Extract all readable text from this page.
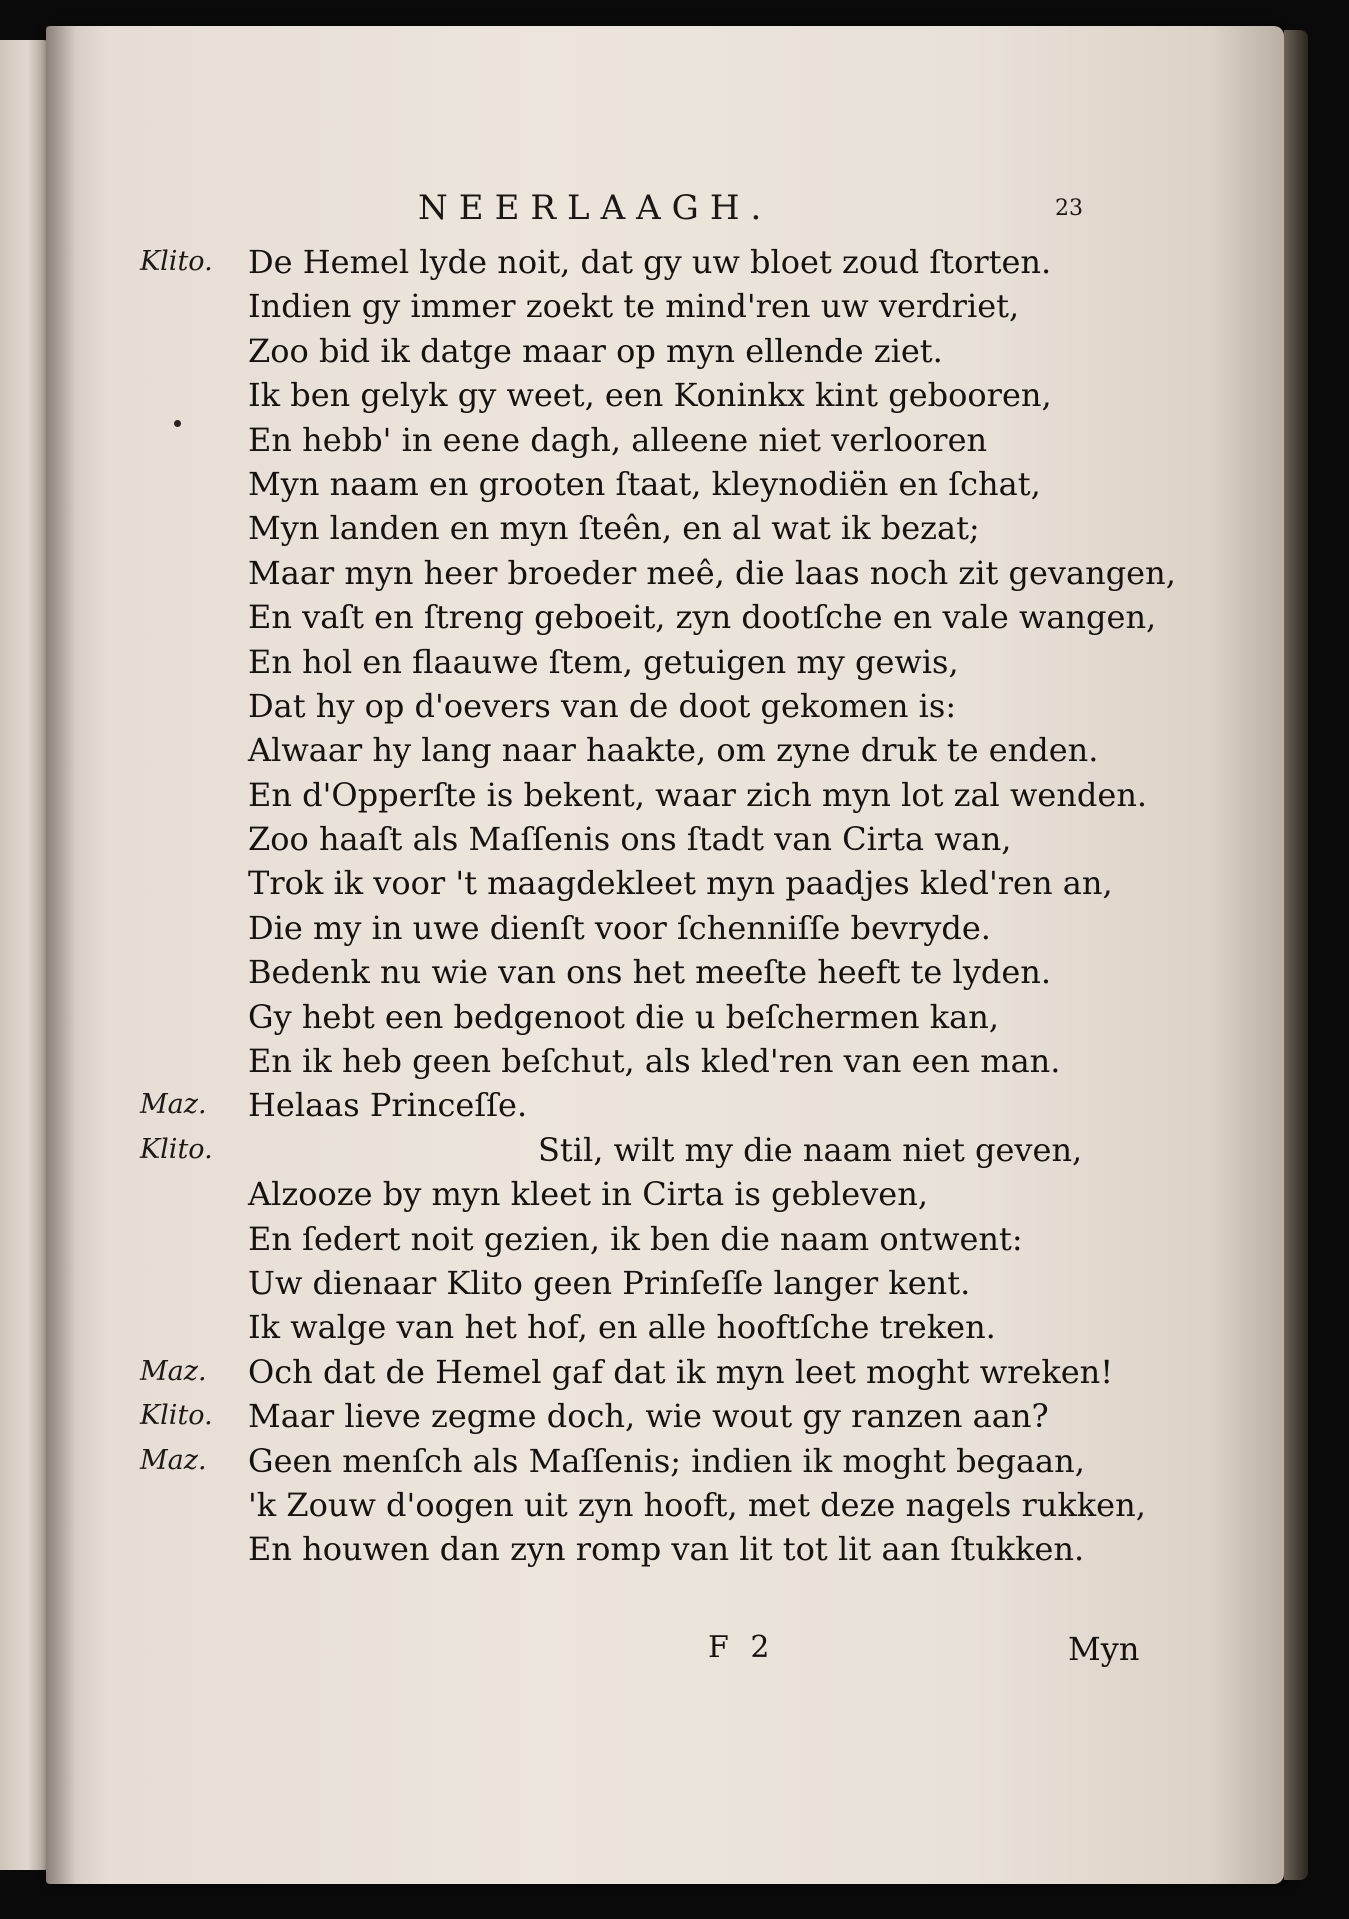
NEERLAAGH.	23
Klito. De Hemel lyde noit, dat gy uw bloet zoud ſtorten.
Indien gy immer zoekt te mind'ren uw verdriet,
Zoo bid ik datge maar op myn ellende ziet.
Ik ben gelyk gy weet, een Koninkx kint gebooren,
En hebb' in eene dagh, alleene niet verlooren
Myn naam en grooten ſtaat, kleynodiën en ſchat,
Myn landen en myn ſteên, en al wat ik bezat;
Maar myn heer broeder meê, die laas noch zit gevangen,
En vaſt en ſtreng geboeit, zyn dootſche en vale wangen,
En hol en flaauwe ſtem, getuigen my gewis,
Dat hy op d'oevers van de doot gekomen is:
Alwaar hy lang naar haakte, om zyne druk te enden.
En d'Opperſte is bekent, waar zich myn lot zal wenden.
Zoo haaſt als Maſſenis ons ſtadt van Cirta wan,
Trok ik voor 't maagdekleet myn paadjes kled'ren an,
Die my in uwe dienſt voor ſchenniſſe bevryde.
Bedenk nu wie van ons het meeſte heeft te lyden.
Gy hebt een bedgenoot die u beſchermen kan,
En ik heb geen beſchut, als kled'ren van een man.
Maz. Helaas Princeſſe.
Klito.	Stil, wilt my die naam niet geven,
Alzooze by myn kleet in Cirta is gebleven,
En ſedert noit gezien, ik ben die naam ontwent:
Uw dienaar Klito geen Prinſeſſe langer kent.
Ik walge van het hof, en alle hooftſche treken.
Maz. Och dat de Hemel gaf dat ik myn leet moght wreken!
Klito. Maar lieve zegme doch, wie wout gy ranzen aan?
Maz. Geen menſch als Maſſenis; indien ik moght begaan,
'k Zouw d'oogen uit zyn hooft, met deze nagels rukken,
En houwen dan zyn romp van lit tot lit aan ſtukken.
F 2	Myn
